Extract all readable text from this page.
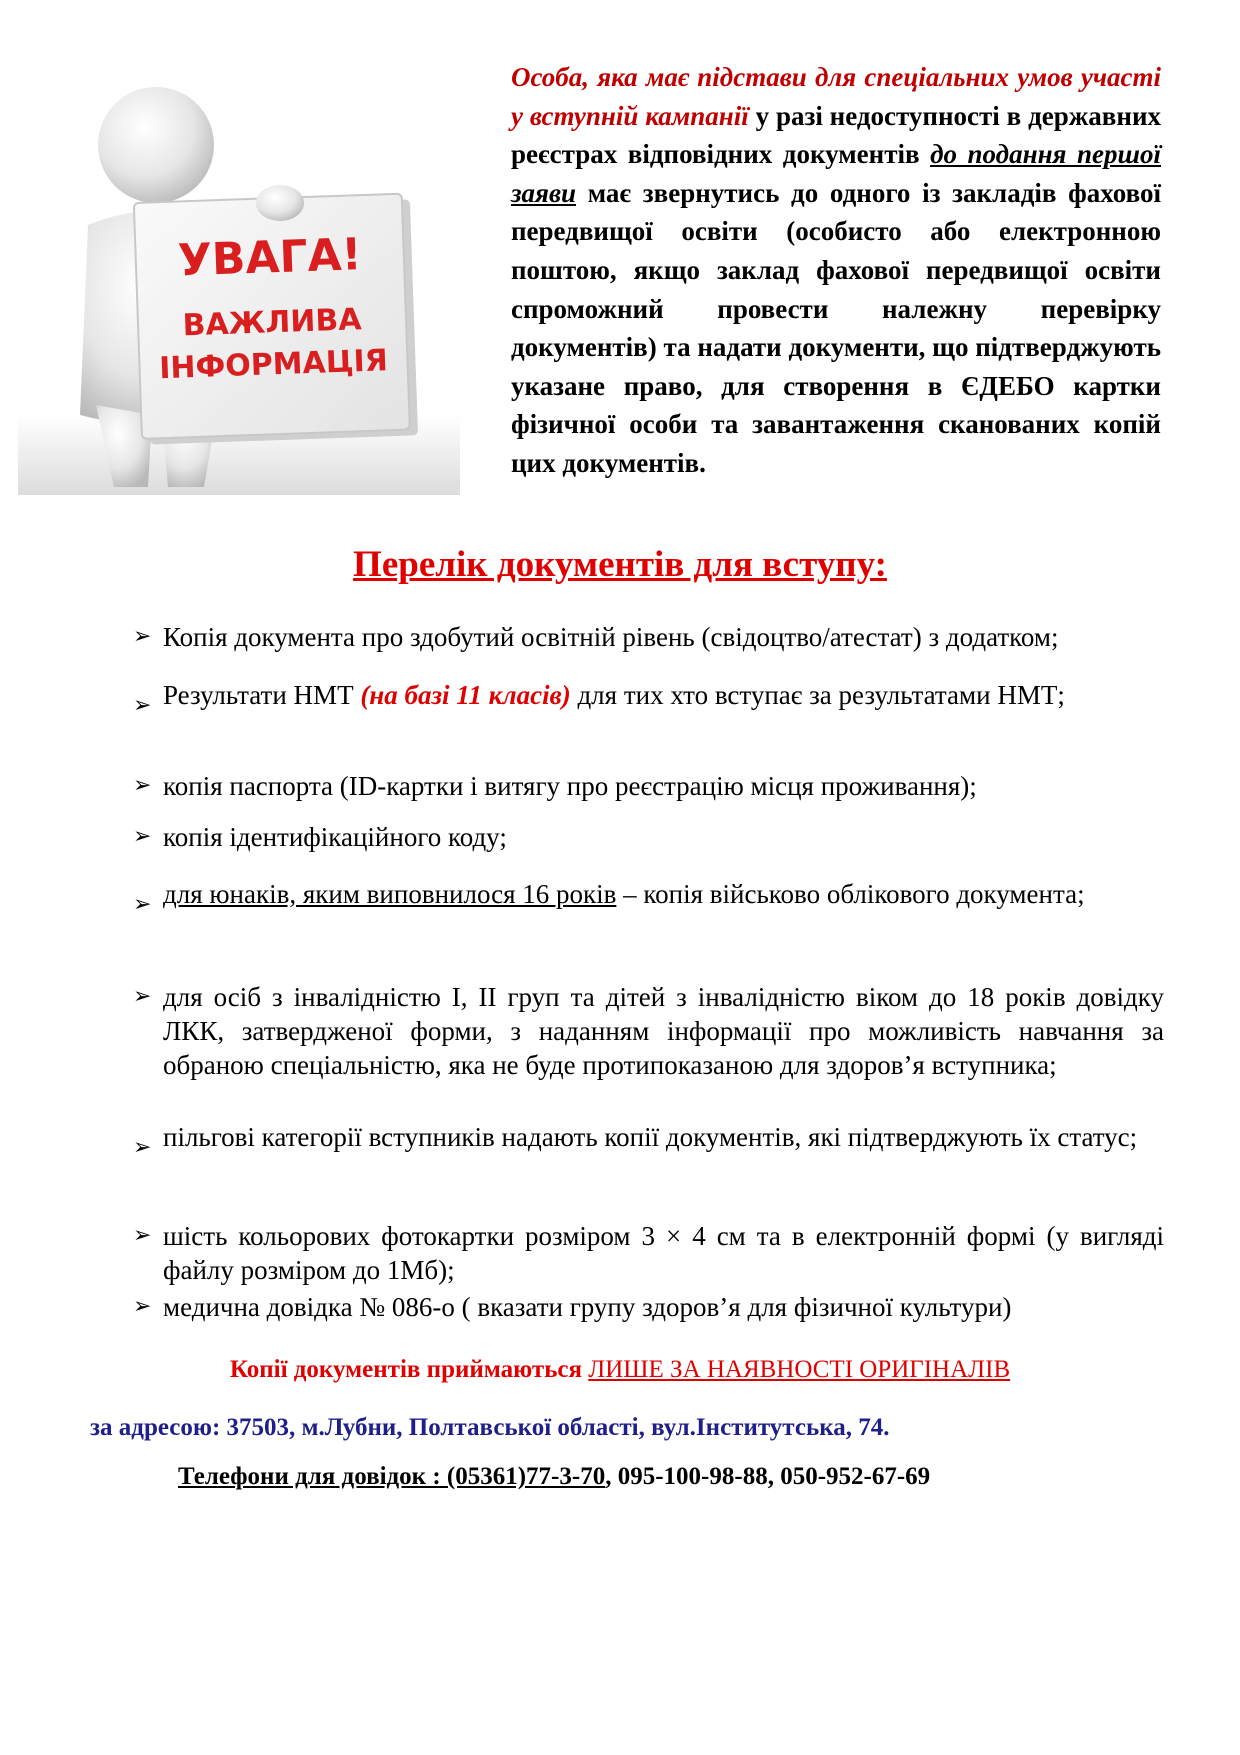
УВАГА!
ВАЖЛИВА
ІНФОРМАЦІЯ

Особа, яка має підстави для спеціальних умов участі у вступній кампанії у разі недоступності в державних реєстрах відповідних документів до подання першої заяви має звернутись до одного із закладів фахової передвищої освіти (особисто або електронною поштою, якщо заклад фахової передвищої освіти спроможний провести належну перевірку документів) та надати документи, що підтверджують указане право, для створення в ЄДЕБО картки фізичної особи та завантаження сканованих копій цих документів.

Перелік документів для вступу:
➢ Копія документа про здобутий освітній рівень (свідоцтво/атестат) з додатком;
➢ Результати НМТ (на базі 11 класів) для тих хто вступає за результатами НМТ;
➢ копія паспорта (ID-картки і витягу про реєстрацію місця проживання);
➢ копія ідентифікаційного коду;
➢ для юнаків, яким виповнилося 16 років – копія військово облікового документа;
➢ для осіб з інвалідністю І, ІІ груп та дітей з інвалідністю віком до 18 років довідку ЛКК, затвердженої форми, з наданням інформації про можливість навчання за обраною спеціальністю, яка не буде протипоказаною для здоров’я вступника;
➢ пільгові категорії вступників надають копії документів, які підтверджують їх статус;
➢ шість кольорових фотокартки розміром 3 × 4 см та в електронній формі (у вигляді файлу розміром до 1Мб);
➢ медична довідка № 086-о ( вказати групу здоров’я для фізичної культури)

Копії документів приймаються ЛИШЕ ЗА НАЯВНОСТІ ОРИГІНАЛІВ

за адресою: 37503, м.Лубни, Полтавської області, вул.Інститутська, 74.

Телефони для довідок : (05361)77-3-70, 095-100-98-88, 050-952-67-69
